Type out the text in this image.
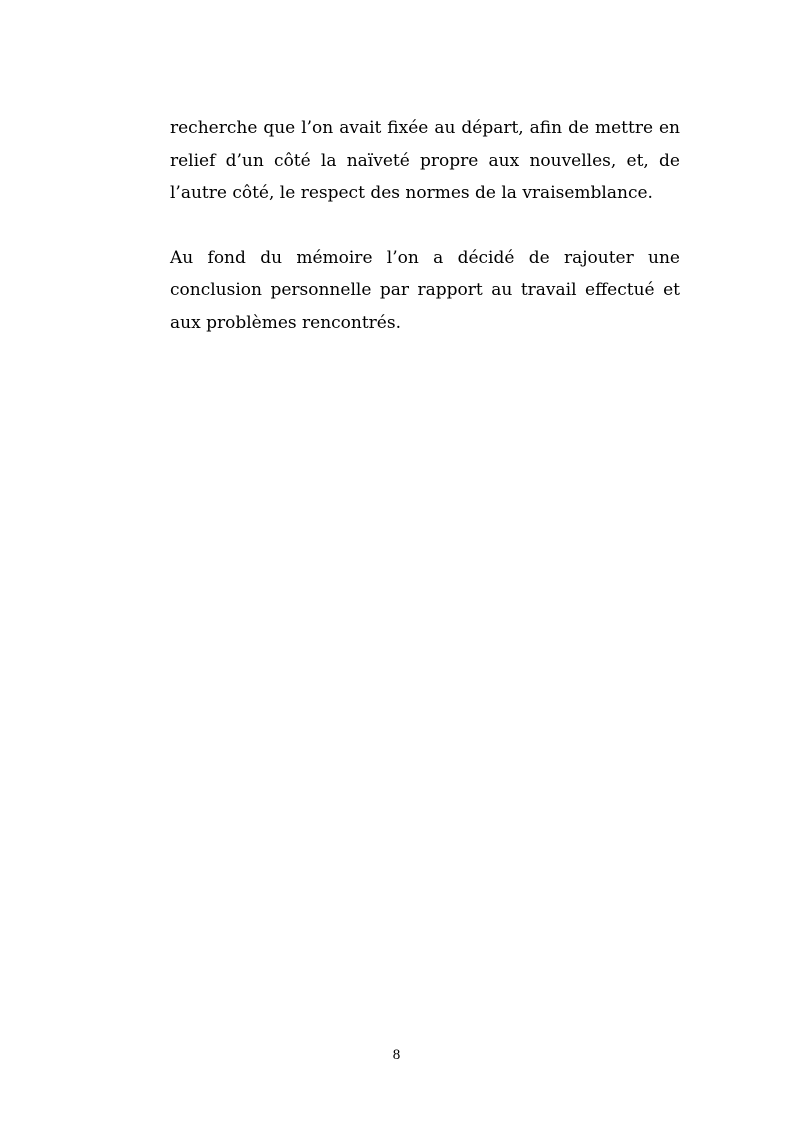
recherche que l’on avait fixée au départ, afin de mettre en relief d’un côté la naïveté propre aux nouvelles, et, de l’autre côté, le respect des normes de la vraisemblance.

Au fond du mémoire l’on a décidé de rajouter une conclusion personnelle par rapport au travail effectué et aux problèmes rencontrés.

8
